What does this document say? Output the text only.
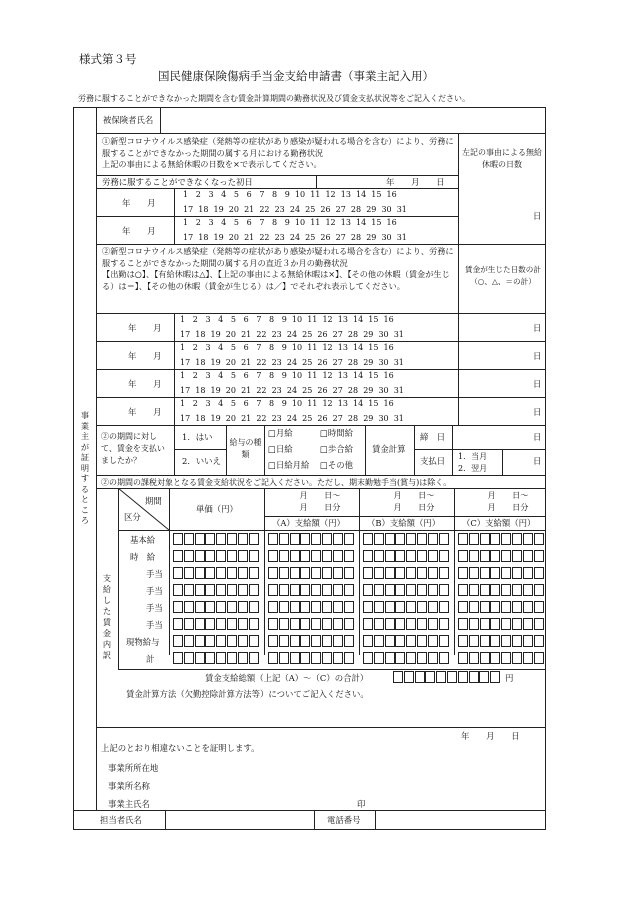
様式第３号
国民健康保険傷病手当金支給申請書（事業主記入用）
労務に服することができなかった期間を含む賃金計算期間の勤務状況及び賃金支払状況等をご記入ください。
事業主が証明するところ
被保険者氏名
①新型コロナウイルス感染症（発熱等の症状があり感染が疑われる場合を含む）により、労務に服することができなかった期間の属する月における勤務状況
上記の事由による無給休暇の日数を×で表示してください。
左記の事由による無給休暇の日数
労務に服することができなくなった初日	年　　月　　日
年　　月
1   2   3   4   5   6   7   8   9  10  11  12  13  14  15  16
17  18  19  20  21  22  23  24  25  26  27  28  29  30  31
年　　月
1   2   3   4   5   6   7   8   9  10  11  12  13  14  15  16
17  18  19  20  21  22  23  24  25  26  27  28  29  30  31
日
②新型コロナウイルス感染症（発熱等の症状があり感染が疑われる場合を含む）により、労務に服することができなかった期間の属する月の直近３か月の勤務状況
【出勤は○】、【有給休暇は△】、【上記の事由による無給休暇は×】、【その他の休暇（賃金が生じる）は＝】、【その他の休暇（賃金が生じる）は／】でそれぞれ表示してください。
賃金が生じた日数の計
（○、△、＝の計）
年　　月
1   2   3   4   5   6   7   8   9  10  11  12  13  14  15  16
17  18  19  20  21  22  23  24  25  26  27  28  29  30  31
日
年　　月
1   2   3   4   5   6   7   8   9  10  11  12  13  14  15  16
17  18  19  20  21  22  23  24  25  26  27  28  29  30  31
日
年　　月
1   2   3   4   5   6   7   8   9  10  11  12  13  14  15  16
17  18  19  20  21  22  23  24  25  26  27  28  29  30  31
日
年　　月
1   2   3   4   5   6   7   8   9  10  11  12  13  14  15  16
17  18  19  20  21  22  23  24  25  26  27  28  29  30  31
日
②の期間に対して、賃金を支払いましたか？
1．はい
2．いいえ
給与の種類
□月給	□時間給
□日給	□歩合給
□日給月給 □その他
賃金計算
締　日
支払日 1．当月
2．翌月
日
日
②の期間の課税対象となる賃金支給状況をご記入ください。ただし、期末勤勉手当(賞与)は除く。
支給した賃金内訳
期間
区分
単価（円）
月　　日～
月　　日分
（A）支給額（円）
月　　日～
月　　日分
（B）支給額（円）
月　　日～
月　　日分
（C）支給額（円）
基本給
時　給
手当
手当
手当
手当
現物給与
計
賃金支給総額（上記（A）～（C）の合計）	円
賃金計算方法（欠勤控除計算方法等）についてご記入ください。
年　　月　　日
上記のとおり相違ないことを証明します。
事業所所在地
事業所名称
事業主氏名	印
担当者氏名	電話番号
